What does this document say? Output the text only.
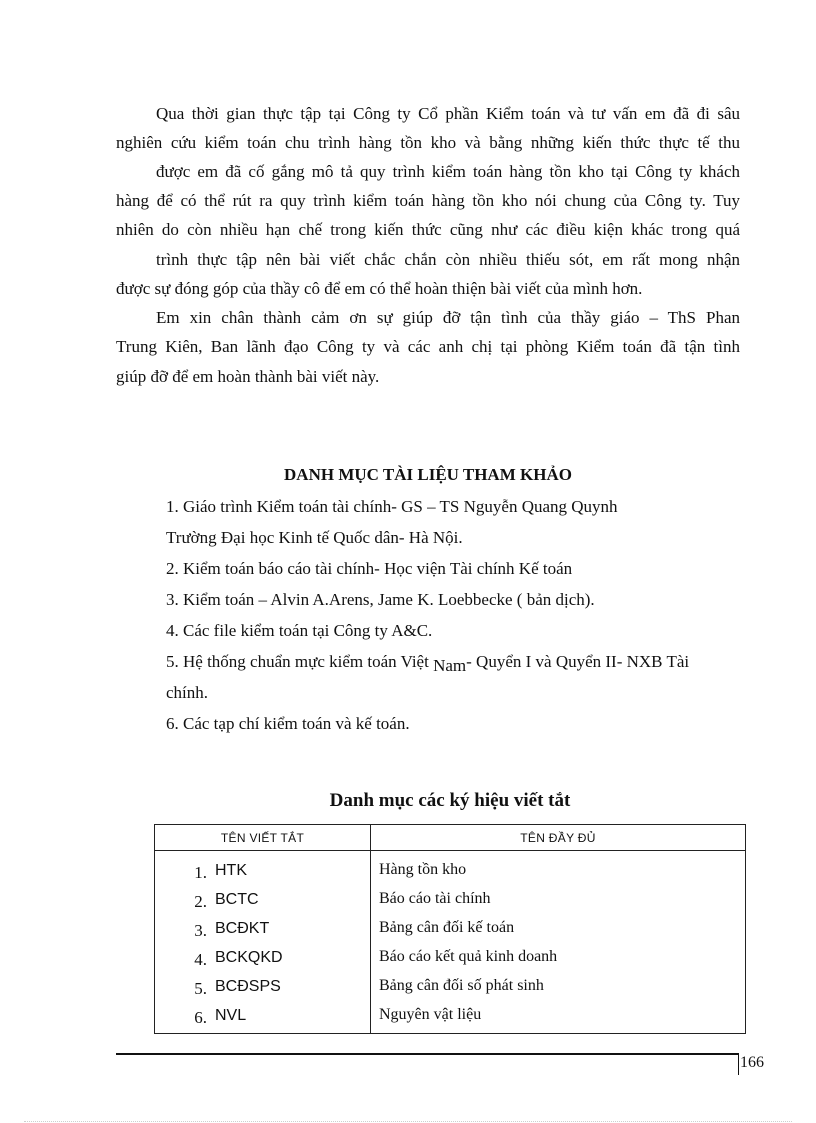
Qua thời gian thực tập tại Công ty Cổ phần Kiểm toán và tư vấn em đã đi sâu
nghiên cứu kiểm toán chu trình hàng tồn kho và bằng những kiến thức thực tế thu
được em đã cố gắng mô tả quy trình kiểm toán hàng tồn kho tại Công ty khách
hàng để có thể rút ra quy trình kiểm toán hàng tồn kho nói chung của Công ty. Tuy
nhiên do còn nhiều hạn chế trong kiến thức cũng như các điều kiện khác trong quá
trình thực tập nên bài viết chắc chắn còn nhiều thiếu sót, em rất mong nhận
được sự đóng góp của thầy cô để em có thể hoàn thiện bài viết của mình hơn.
Em xin chân thành cảm ơn sự giúp đỡ tận tình của thầy giáo – ThS Phan
Trung Kiên, Ban lãnh đạo Công ty và các anh chị tại phòng Kiểm toán đã tận tình
giúp đỡ để em hoàn thành bài viết này.
DANH MỤC TÀI LIỆU THAM KHẢO
1. Giáo trình Kiểm toán tài chính- GS – TS Nguyễn Quang Quynh
Trường Đại học Kinh tế Quốc dân- Hà Nội.
2. Kiểm toán báo cáo tài chính- Học viện Tài chính Kế toán
3. Kiểm toán – Alvin A.Arens, Jame K. Loebbecke ( bản dịch).
4. Các file kiểm toán tại Công ty A&C.
5. Hệ thống chuẩn mực kiểm toán Việt Nam- Quyển I và Quyển II- NXB Tài
chính.
6. Các tạp chí kiểm toán và kế toán.
Danh mục các ký hiệu viết tắt
TÊN VIẾT TẮT	TÊN ĐẦY ĐỦ
1. HTK	Hàng tồn kho
2. BCTC	Báo cáo tài chính
3. BCĐKT	Bảng cân đối kế toán
4. BCKQKD	Báo cáo kết quả kinh doanh
5. BCĐSPS	Bảng cân đối số phát sinh
6. NVL	Nguyên vật liệu
166
